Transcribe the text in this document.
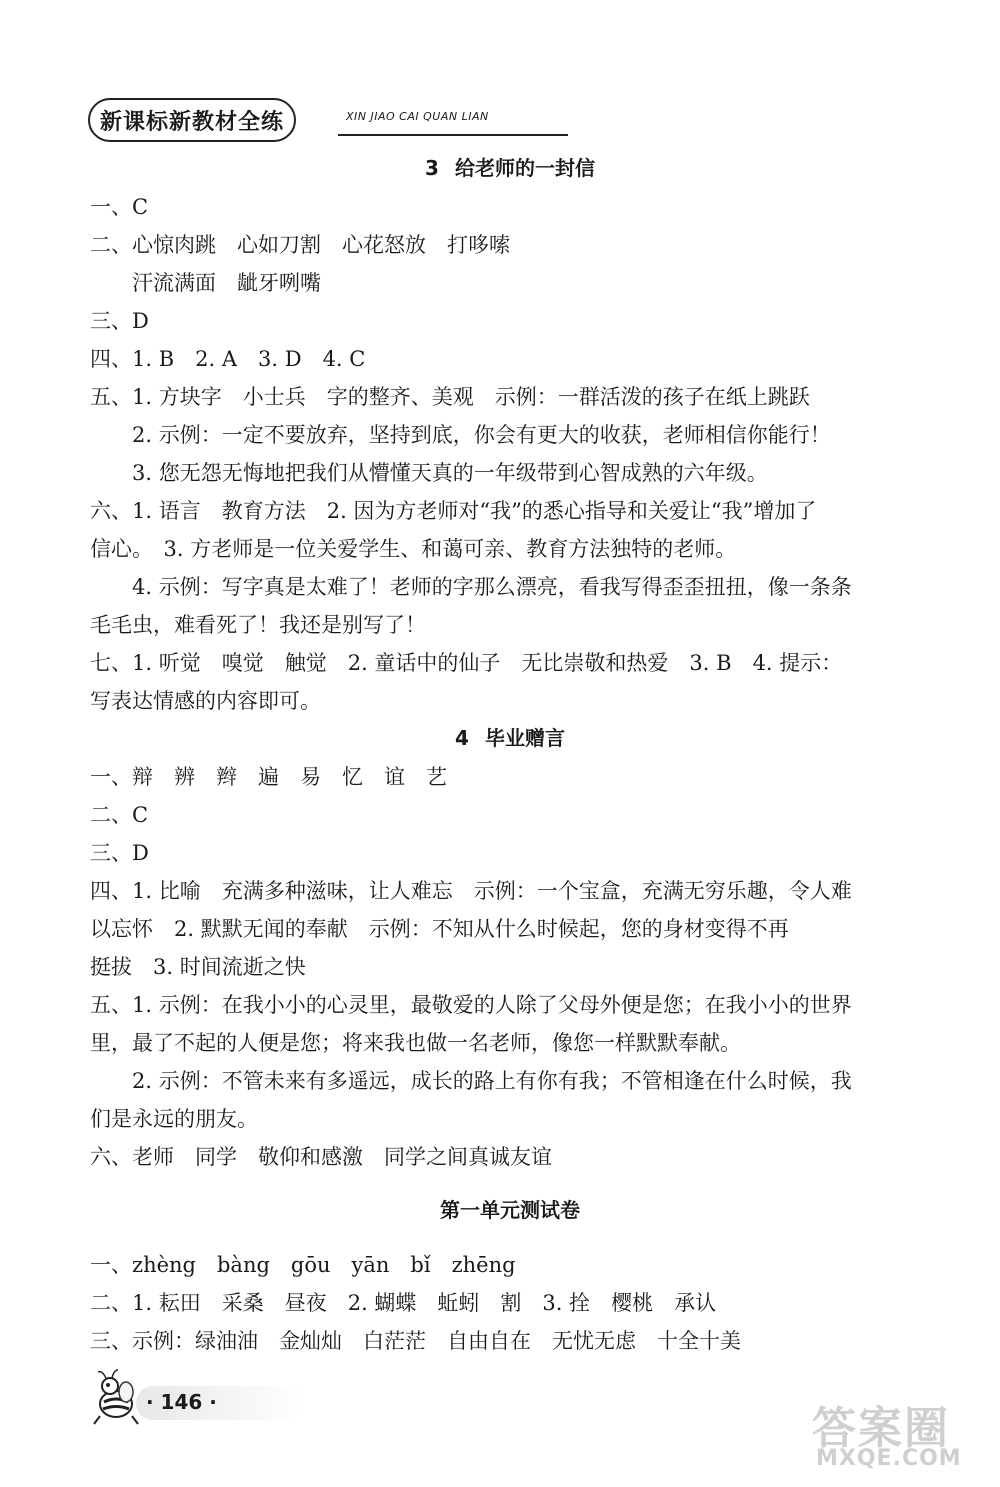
新课标新教材全练	XIN JIAO CAI QUAN LIAN
3 给老师的一封信
一、C
二、心惊肉跳　心如刀割　心花怒放　打哆嗦
汗流满面　龇牙咧嘴
三、D
四、1. B　2. A　3. D　4. C
五、1. 方块字　小士兵　字的整齐、美观　示例：一群活泼的孩子在纸上跳跃
2. 示例：一定不要放弃，坚持到底，你会有更大的收获，老师相信你能行！
3. 您无怨无悔地把我们从懵懂天真的一年级带到心智成熟的六年级。
六、1. 语言　教育方法　2. 因为方老师对“我”的悉心指导和关爱让“我”增加了
信心。　3. 方老师是一位关爱学生、和蔼可亲、教育方法独特的老师。
4. 示例：写字真是太难了！老师的字那么漂亮，看我写得歪歪扭扭，像一条条
毛毛虫，难看死了！我还是别写了！
七、1. 听觉　嗅觉　触觉　2. 童话中的仙子　无比崇敬和热爱　3. B　4. 提示：
写表达情感的内容即可。
4 毕业赠言
一、辩　辨　辫　遍　易　忆　谊　艺
二、C
三、D
四、1. 比喻　充满多种滋味，让人难忘　示例：一个宝盒，充满无穷乐趣，令人难
以忘怀　2. 默默无闻的奉献　示例：不知从什么时候起，您的身材变得不再
挺拔　3. 时间流逝之快
五、1. 示例：在我小小的心灵里，最敬爱的人除了父母外便是您；在我小小的世界
里，最了不起的人便是您；将来我也做一名老师，像您一样默默奉献。
2. 示例：不管未来有多遥远，成长的路上有你有我；不管相逢在什么时候，我
们是永远的朋友。
六、老师　同学　敬仰和感激　同学之间真诚友谊
第一单元测试卷
一、zhèng　bàng　gōu　yān　bǐ　zhēng
二、1. 耘田　采桑　昼夜　2. 蝴蝶　蚯蚓　割　3. 拴　樱桃　承认
三、示例：绿油油　金灿灿　白茫茫　自由自在　无忧无虑　十全十美
· 146 ·
答案圈
MXQE.COM
